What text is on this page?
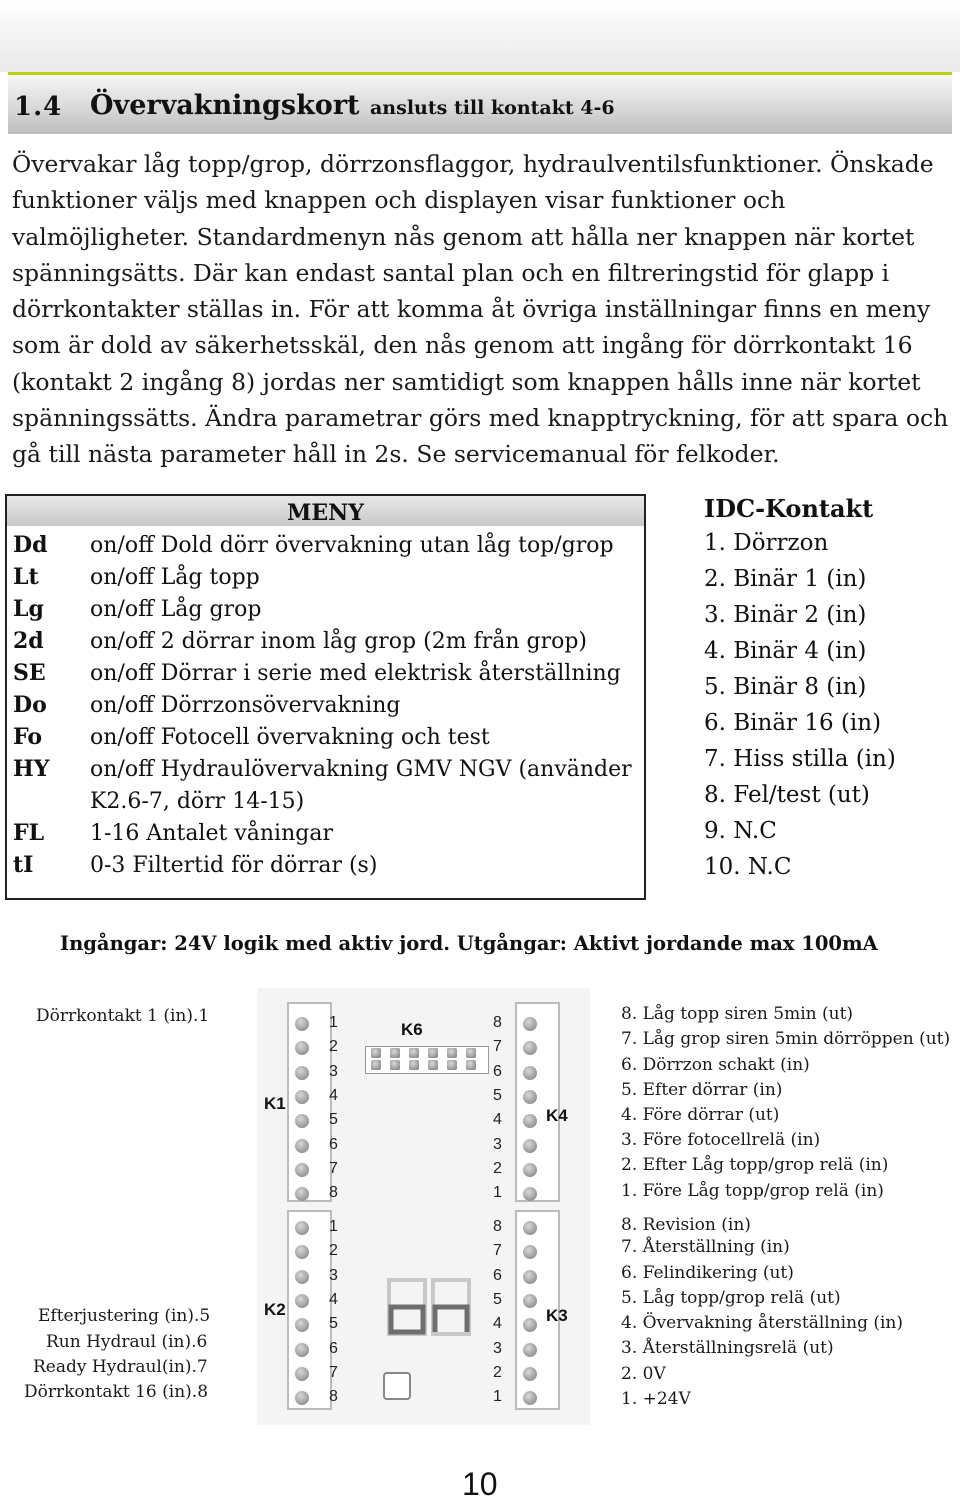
1.4 Övervakningskort ansluts till kontakt 4-6

Övervakar låg topp/grop, dörrzonsflaggor, hydraulventilsfunktioner. Önskade funktioner väljs med knappen och displayen visar funktioner och valmöjligheter. Standardmenyn nås genom att hålla ner knappen när kortet spänningsätts. Där kan endast santal plan och en filtreringstid för glapp i dörrkontakter ställas in. För att komma åt övriga inställningar finns en meny som är dold av säkerhetsskäl, den nås genom att ingång för dörrkontakt 16 (kontakt 2 ingång 8) jordas ner samtidigt som knappen hålls inne när kortet spänningssätts. Ändra parametrar görs med knapptryckning, för att spara och gå till nästa parameter håll in 2s. Se servicemanual för felkoder.

MENY
Dd on/off Dold dörr övervakning utan låg top/grop
Lt on/off Låg topp
Lg on/off Låg grop
2d on/off 2 dörrar inom låg grop (2m från grop)
SE on/off Dörrar i serie med elektrisk återställning
Do on/off Dörrzonsövervakning
Fo on/off Fotocell övervakning och test
HY on/off Hydraulövervakning GMV NGV (använder K2.6-7, dörr 14-15)
FL 1-16 Antalet våningar
tI	0-3 Filtertid för dörrar (s)
IDC-Kontakt
1. Dörrzon
2. Binär 1 (in)
3. Binär 2 (in)
4. Binär 4 (in)
5. Binär 8 (in)
6. Binär 16 (in)
7. Hiss stilla (in)
8. Fel/test (ut)
9. N.C
10. N.C
Ingångar: 24V logik med aktiv jord. Utgångar: Aktivt jordande max 100mA
K1
K2
K4
K3
K6
1
2
3
4
5
6
7
8
1
2
3
4
5
6
7
8
8
7
6
5
4
3
2
1
8
7
6
5
4
3
2
1
Dörrkontakt 1 (in).1
Efterjustering (in).5
Run Hydraul (in).6
Ready Hydraul(in).7
Dörrkontakt 16 (in).8
8. Låg topp siren 5min (ut)
7. Låg grop siren 5min dörröppen (ut)
6. Dörrzon schakt (in)
5. Efter dörrar (in)
4. Före dörrar (ut)
3. Före fotocellrelä (in)
2. Efter Låg topp/grop relä (in)
1. Före Låg topp/grop relä (in)
8. Revision (in)
7. Återställning (in)
6. Felindikering (ut)
5. Låg topp/grop relä (ut)
4. Övervakning återställning (in)
3. Återställningsrelä (ut)
2. 0V
1. +24V
10
